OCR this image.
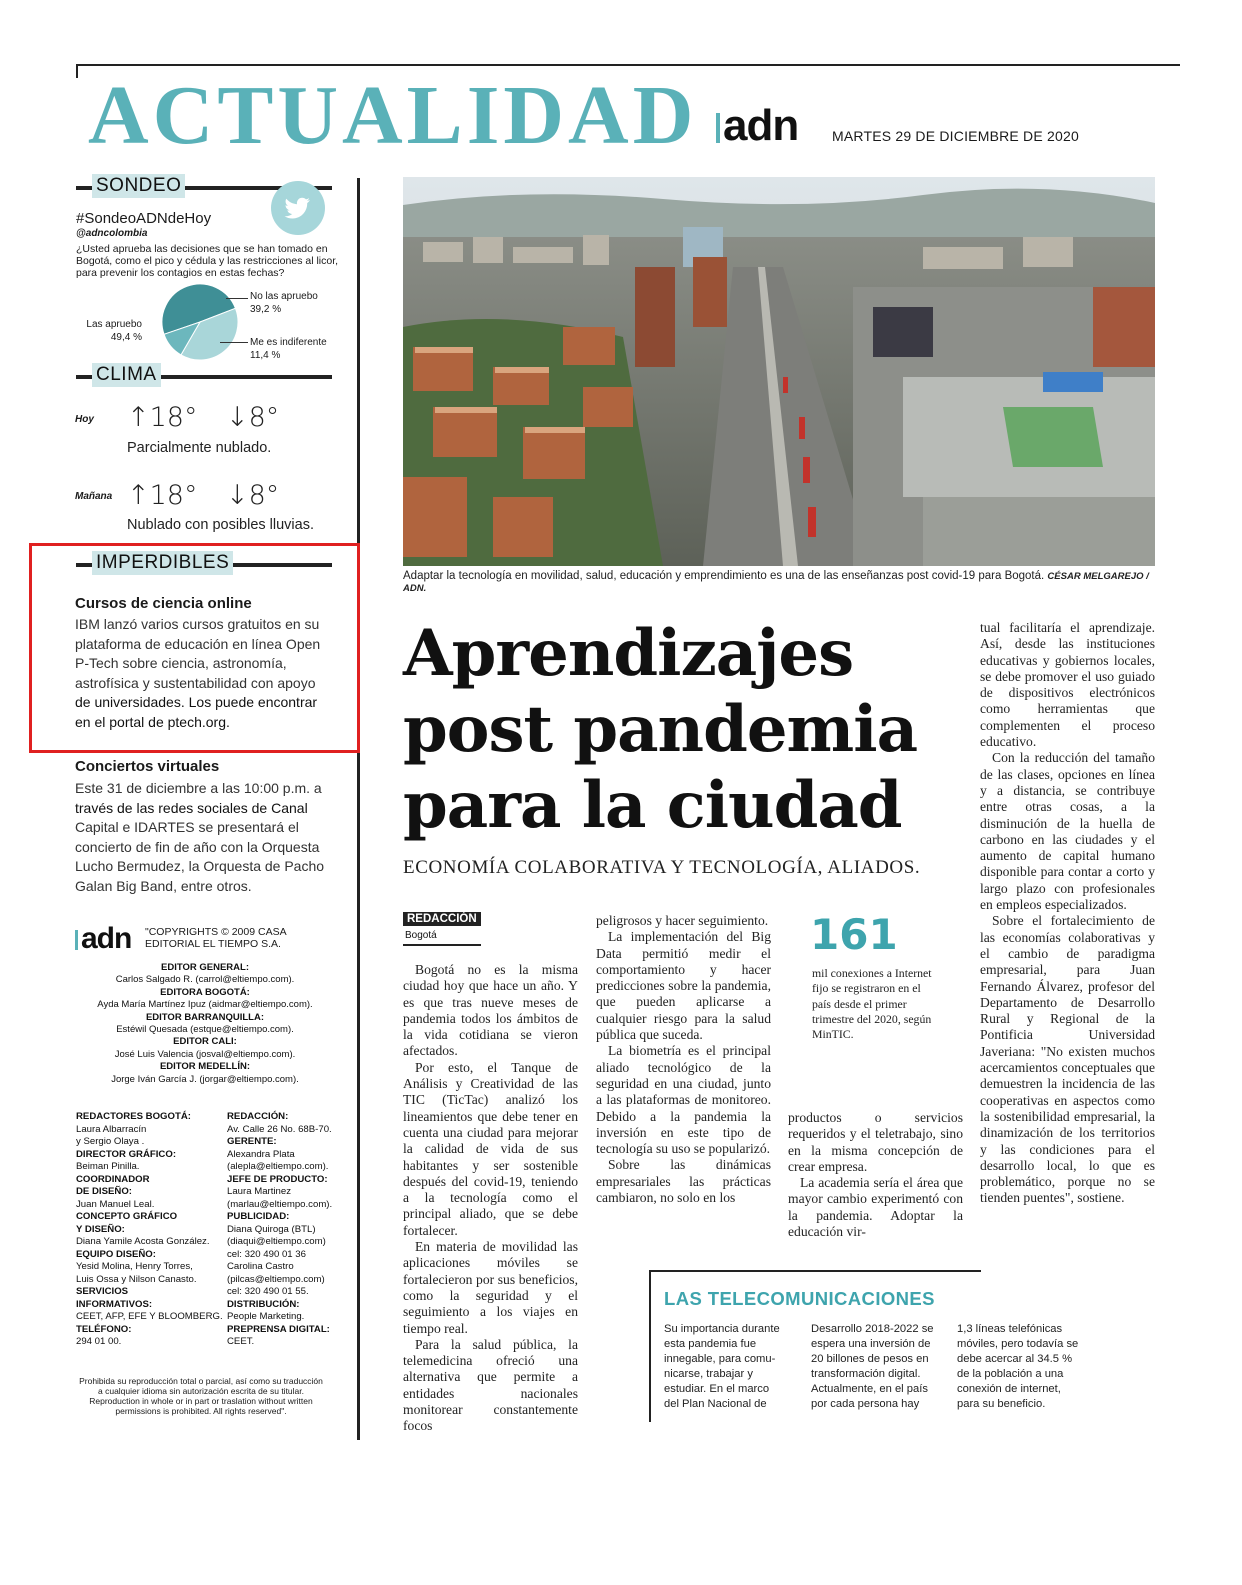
ACTUALIDAD adn MARTES 29 DE DICIEMBRE DE 2020
SONDEO
#SondeoADNdeHoy
@adncolombia
¿Usted aprueba las decisiones que se han tomado en Bogotá, como el pico y cédula y las restricciones al licor, para prevenir los contagios en estas fechas?
Las apruebo
49,4 %
No las apruebo
39,2 %
Me es indiferente
11,4 %
CLIMA
Hoy ↑18° ↓8°
Parcialmente nublado.
Mañana ↑18° ↓8°
Nublado con posibles lluvias.
IMPERDIBLES
Cursos de ciencia online
IBM lanzó varios cursos gratuitos en su
plataforma de educación en línea Open
P-Tech sobre ciencia, astronomía,
astrofísica y sustentabilidad con apoyo
de universidades. Los puede encontrar
en el portal de ptech.org.
Conciertos virtuales
Este 31 de diciembre a las 10:00 p.m. a
través de las redes sociales de Canal
Capital e IDARTES se presentará el
concierto de fin de año con la Orquesta
Lucho Bermudez, la Orquesta de Pacho
Galan Big Band, entre otros.
adn "COPYRIGHTS © 2009 CASA
EDITORIAL EL TIEMPO S.A.
EDITOR GENERAL:
Carlos Salgado R. (carrol@eltiempo.com).
EDITORA BOGOTÁ:
Ayda María Martínez Ipuz (aidmar@eltiempo.com).
EDITOR BARRANQUILLA:
Estéwil Quesada (estque@eltiempo.com).
EDITOR CALI:
José Luis Valencia (josval@eltiempo.com).
EDITOR MEDELLÍN:
Jorge Iván García J. (jorgar@eltiempo.com).
REDACTORES BOGOTÁ:
Laura Albarracín
y Sergio Olaya .
DIRECTOR GRÁFICO:
Beiman Pinilla.
COORDINADOR
DE DISEÑO:
Juan Manuel Leal.
CONCEPTO GRÁFICO
Y DISEÑO:
Diana Yamile Acosta González.
EQUIPO DISEÑO:
Yesid Molina, Henry Torres,
Luis Ossa y Nilson Canasto.
SERVICIOS
INFORMATIVOS:
CEET, AFP, EFE Y BLOOMBERG.
TELÉFONO:
294 01 00.
REDACCIÓN:
Av. Calle 26 No. 68B-70.
GERENTE:
Alexandra Plata
(alepla@eltiempo.com).
JEFE DE PRODUCTO:
Laura Martinez
(marlau@eltiempo.com).
PUBLICIDAD:
Diana Quiroga (BTL)
(diaqui@eltiempo.com)
cel: 320 490 01 36
Carolina Castro
(pilcas@eltiempo.com)
cel: 320 490 01 55.
DISTRIBUCIÓN:
People Marketing.
PREPRENSA DIGITAL:
CEET.
Prohibida su reproducción total o parcial, así como su traducción a cualquier idioma sin autorización escrita de su titular. Reproduction in whole or in part or traslation without written permissions is prohibited. All rights reserved".
Adaptar la tecnología en movilidad, salud, educación y emprendimiento es una de las enseñanzas post covid-19 para Bogotá. CÉSAR MELGAREJO / ADN.
Aprendizajes
post pandemia
para la ciudad
ECONOMÍA COLABORATIVA Y TECNOLOGÍA, ALIADOS.
REDACCIÓN
Bogotá

Bogotá no es la misma ciudad hoy que hace un año. Y es que tras nueve meses de pandemia todos los ámbitos de la vida cotidiana se vieron afectados.

Por esto, el Tanque de Análisis y Creatividad de las TIC (TicTac) analizó los lineamientos que debe tener en cuenta una ciudad para mejorar la calidad de vida de sus habitantes y ser sostenible después del covid-19, teniendo a la tecnología como el principal aliado, que se debe fortalecer.

En materia de movilidad las aplicaciones móviles se fortalecieron por sus beneficios, como la seguridad y el seguimiento a los viajes en tiempo real.

Para la salud pública, la telemedicina ofreció una alternativa que permite a entidades nacionales monitorear constantemente focos

peligrosos y hacer seguimiento.

La implementación del Big Data permitió medir el comportamiento y hacer predicciones sobre la pandemia, que pueden aplicarse a cualquier riesgo para la salud pública que suceda.

La biometría es el principal aliado tecnológico de la seguridad en una ciudad, junto a las plataformas de monitoreo. Debido a la pandemia la inversión en este tipo de tecnología su uso se popularizó.

Sobre las dinámicas empresariales las prácticas cambiaron, no solo en los

productos o servicios requeridos y el teletrabajo, sino en la misma concepción de crear empresa.

La academia sería el área que mayor cambio experimentó con la pandemia. Adoptar la educación vir-

tual facilitaría el aprendizaje. Así, desde las instituciones educativas y gobiernos locales, se debe promover el uso guiado de dispositivos electrónicos como herramientas que complementen el proceso educativo.

Con la reducción del tamaño de las clases, opciones en línea y a distancia, se contribuye entre otras cosas, a la disminución de la huella de carbono en las ciudades y el aumento de capital humano disponible para contar a corto y largo plazo con profesionales en empleos especializados.

Sobre el fortalecimiento de las economías colaborativas y el cambio de paradigma empresarial, para Juan Fernando Álvarez, profesor del Departamento de Desarrollo Rural y Regional de la Pontificia Universidad Javeriana: "No existen muchos acercamientos conceptuales que demuestren la incidencia de las cooperativas en aspectos como la sostenibilidad empresarial, la dinamización de los territorios y las condiciones para el desarrollo local, lo que es problemático, porque no se tienden puentes", sostiene.

161
mil conexiones a Internet fijo se registraron en el país desde el primer trimestre del 2020, según MinTIC.
LAS TELECOMUNICACIONES
Su importancia durante
esta pandemia fue
innegable, para comu-
nicarse, trabajar y
estudiar. En el marco
del Plan Nacional de
Desarrollo 2018-2022 se
espera una inversión de
20 billones de pesos en
transformación digital.
Actualmente, en el país
por cada persona hay
1,3 líneas telefónicas
móviles, pero todavía se
debe acercar al 34.5 %
de la población a una
conexión de internet,
para su beneficio.
